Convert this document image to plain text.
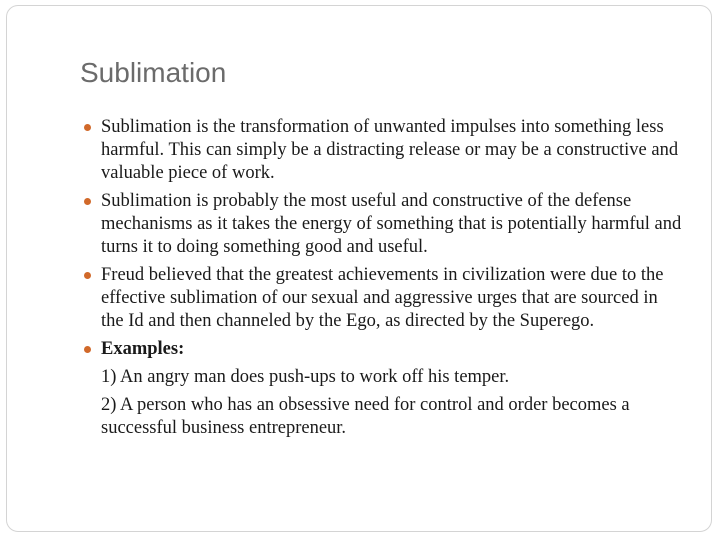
Sublimation
Sublimation is the transformation of unwanted impulses into something less harmful. This can simply be a distracting release or may be a constructive and valuable piece of work.
Sublimation is probably the most useful and constructive of the defense mechanisms as it takes the energy of something that is potentially harmful and turns it to doing something good and useful.
Freud believed that the greatest achievements in civilization were due to the effective sublimation of our sexual and aggressive urges that are sourced in the Id and then channeled by the Ego, as directed by the Superego.
Examples:
1) An angry man does push-ups to work off his temper.
2) A person who has an obsessive need for control and order becomes a successful business entrepreneur.
